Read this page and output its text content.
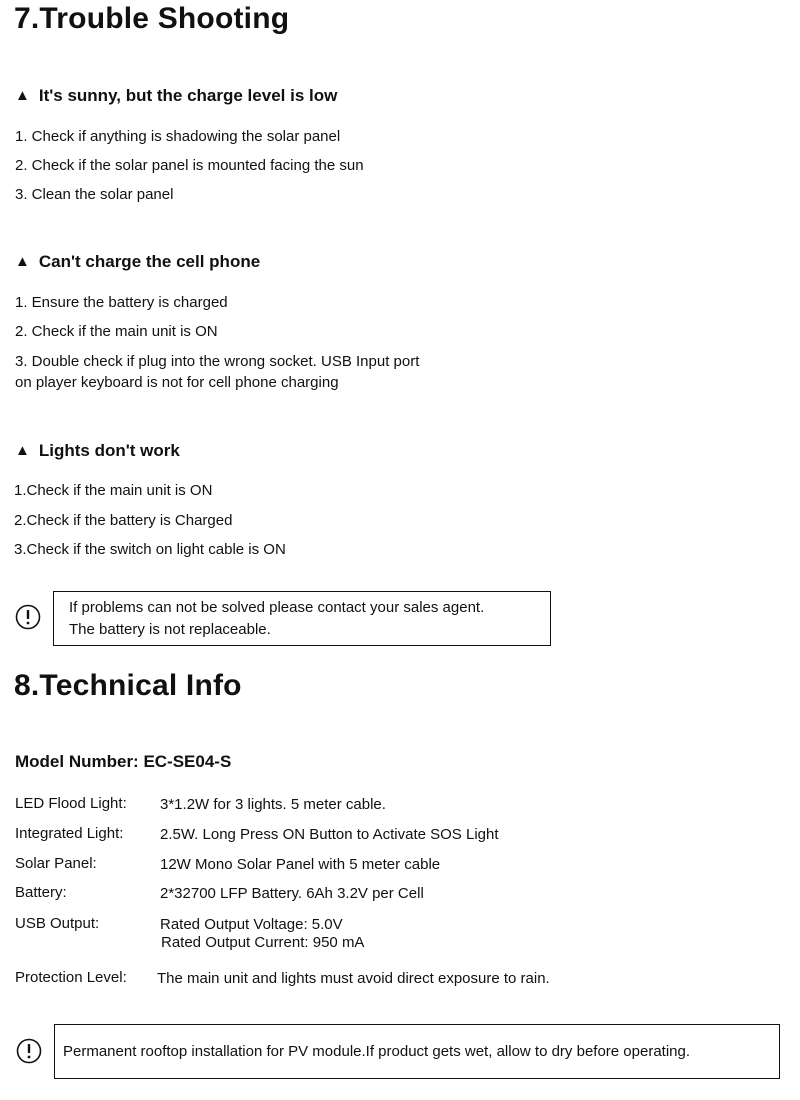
7.Trouble Shooting
▲ It's sunny, but the charge level is low
1. Check if anything is shadowing the solar panel
2. Check if the solar panel is mounted facing the sun
3. Clean the solar panel
▲ Can't charge the cell phone
1. Ensure the battery is charged
2. Check if the main unit is ON
3. Double check if plug into the wrong socket. USB Input port
on player keyboard is not for cell phone charging
▲ Lights don't work
1.Check if the main unit is ON
2.Check if the battery is Charged
3.Check if the switch on light cable is ON
If problems can not be solved please contact your sales agent.
The battery is not replaceable.
8.Technical Info
Model Number: EC-SE04-S
LED Flood Light: 3*1.2W for 3 lights. 5 meter cable.
Integrated Light: 2.5W. Long Press ON Button to Activate SOS Light
Solar Panel:	12W Mono Solar Panel with 5 meter cable
Battery:	2*32700 LFP Battery. 6Ah 3.2V per Cell
USB Output:	Rated Output Voltage: 5.0V
Rated Output Current: 950 mA
Protection Level: The main unit and lights must avoid direct exposure to rain.
Permanent rooftop installation for PV module.If product gets wet, allow to dry before operating.
